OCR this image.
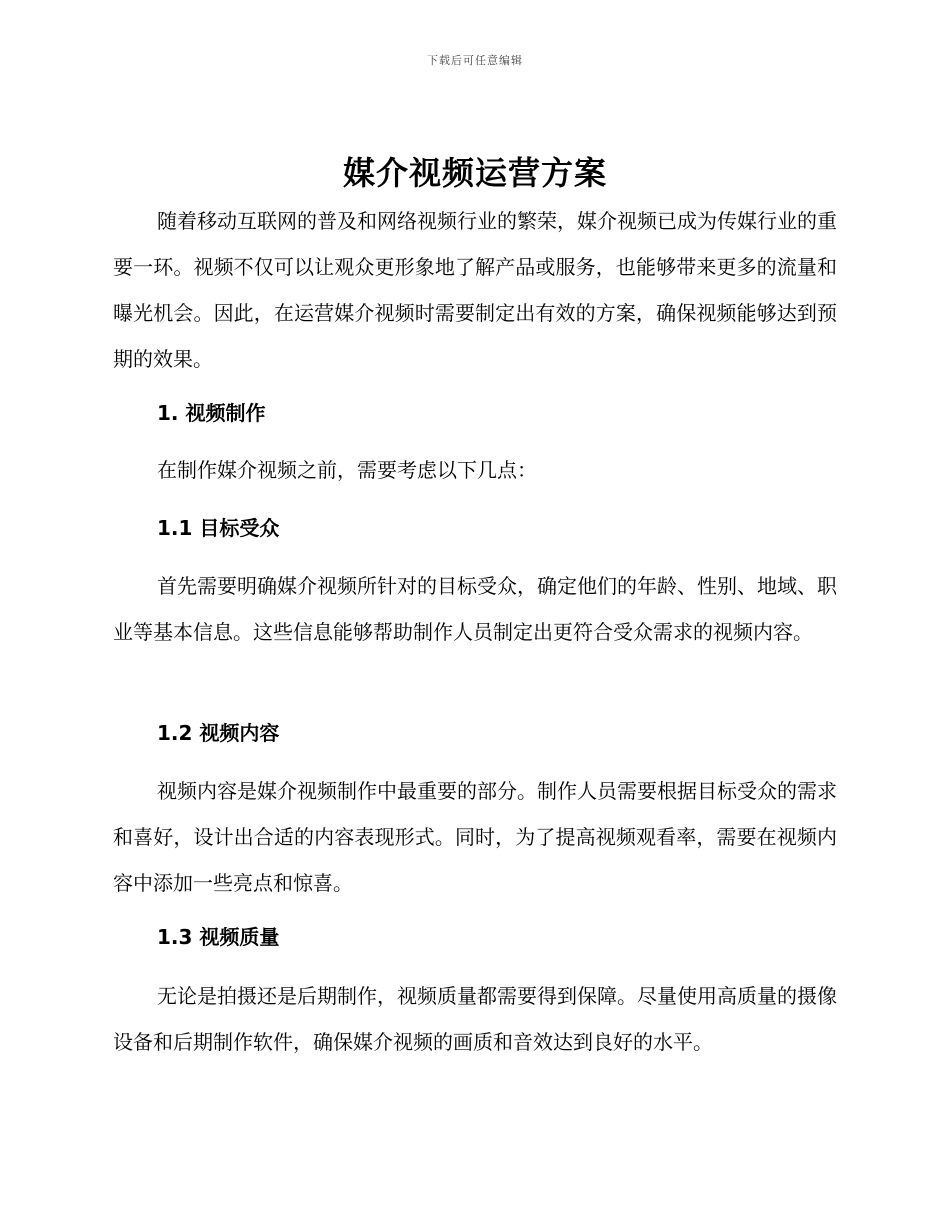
下载后可任意编辑
媒介视频运营方案

随着移动互联网的普及和网络视频行业的繁荣，媒介视频已成为传媒行业的重要一环。视频不仅可以让观众更形象地了解产品或服务，也能够带来更多的流量和曝光机会。因此，在运营媒介视频时需要制定出有效的方案，确保视频能够达到预期的效果。

1. 视频制作
在制作媒介视频之前，需要考虑以下几点：
1.1 目标受众

首先需要明确媒介视频所针对的目标受众，确定他们的年龄、性别、地域、职业等基本信息。这些信息能够帮助制作人员制定出更符合受众需求的视频内容。

1.2 视频内容

视频内容是媒介视频制作中最重要的部分。制作人员需要根据目标受众的需求和喜好，设计出合适的内容表现形式。同时，为了提高视频观看率，需要在视频内容中添加一些亮点和惊喜。

1.3 视频质量

无论是拍摄还是后期制作，视频质量都需要得到保障。尽量使用高质量的摄像设备和后期制作软件，确保媒介视频的画质和音效达到良好的水平。
